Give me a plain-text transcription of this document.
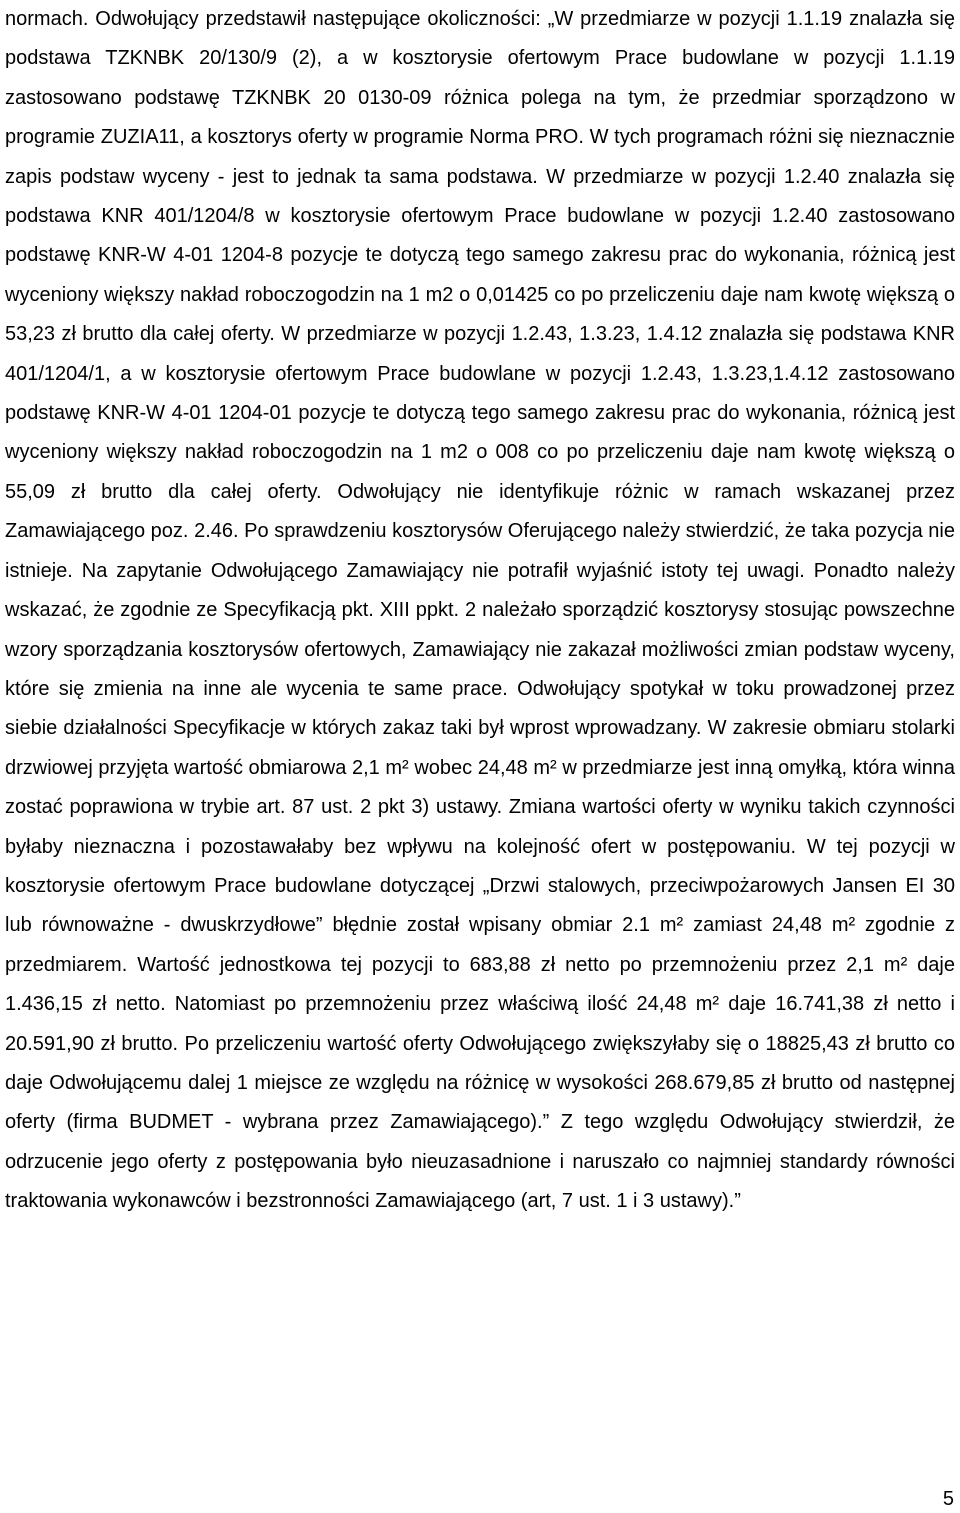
normach. Odwołujący przedstawił następujące okoliczności: „W przedmiarze w pozycji 1.1.19 znalazła się podstawa TZKNBK 20/130/9 (2), a w kosztorysie ofertowym Prace budowlane w pozycji 1.1.19 zastosowano podstawę TZKNBK 20 0130-09 różnica polega na tym, że przedmiar sporządzono w programie ZUZIA11, a kosztorys oferty w programie Norma PRO. W tych programach różni się nieznacznie zapis podstaw wyceny - jest to jednak ta sama podstawa. W przedmiarze w pozycji 1.2.40 znalazła się podstawa KNR 401/1204/8 w kosztorysie ofertowym Prace budowlane w pozycji 1.2.40 zastosowano podstawę KNR-W 4-01 1204-8 pozycje te dotyczą tego samego zakresu prac do wykonania, różnicą jest wyceniony większy nakład roboczogodzin na 1 m2 o 0,01425 co po przeliczeniu daje nam kwotę większą o 53,23 zł brutto dla całej oferty. W przedmiarze w pozycji 1.2.43, 1.3.23, 1.4.12 znalazła się podstawa KNR 401/1204/1, a w kosztorysie ofertowym Prace budowlane w pozycji 1.2.43, 1.3.23,1.4.12 zastosowano podstawę KNR-W 4-01 1204-01 pozycje te dotyczą tego samego zakresu prac do wykonania, różnicą jest wyceniony większy nakład roboczogodzin na 1 m2 o 008 co po przeliczeniu daje nam kwotę większą o 55,09 zł brutto dla całej oferty. Odwołujący nie identyfikuje różnic w ramach wskazanej przez Zamawiającego poz. 2.46. Po sprawdzeniu kosztorysów Oferującego należy stwierdzić, że taka pozycja nie istnieje. Na zapytanie Odwołującego Zamawiający nie potrafił wyjaśnić istoty tej uwagi. Ponadto należy wskazać, że zgodnie ze Specyfikacją pkt. XIII ppkt. 2 należało sporządzić kosztorysy stosując powszechne wzory sporządzania kosztorysów ofertowych, Zamawiający nie zakazał możliwości zmian podstaw wyceny, które się zmienia na inne ale wycenia te same prace. Odwołujący spotykał w toku prowadzonej przez siebie działalności Specyfikacje w których zakaz taki był wprost wprowadzany. W zakresie obmiaru stolarki drzwiowej przyjęta wartość obmiarowa 2,1 m² wobec 24,48 m² w przedmiarze jest inną omyłką, która winna zostać poprawiona w trybie art. 87 ust. 2 pkt 3) ustawy. Zmiana wartości oferty w wyniku takich czynności byłaby nieznaczna i pozostawałaby bez wpływu na kolejność ofert w postępowaniu. W tej pozycji w kosztorysie ofertowym Prace budowlane dotyczącej „Drzwi stalowych, przeciwpożarowych Jansen EI 30 lub równoważne - dwuskrzydłowe” błędnie został wpisany obmiar 2.1 m² zamiast 24,48 m² zgodnie z przedmiarem. Wartość jednostkowa tej pozycji to 683,88 zł netto po przemnożeniu przez 2,1 m² daje 1.436,15 zł netto. Natomiast po przemnożeniu przez właściwą ilość 24,48 m² daje 16.741,38 zł netto i 20.591,90 zł brutto. Po przeliczeniu wartość oferty Odwołującego zwiększyłaby się o 18825,43 zł brutto co daje Odwołującemu dalej 1 miejsce ze względu na różnicę w wysokości 268.679,85 zł brutto od następnej oferty (firma BUDMET - wybrana przez Zamawiającego).” Z tego względu Odwołujący stwierdził, że odrzucenie jego oferty z postępowania było nieuzasadnione i naruszało co najmniej standardy równości traktowania wykonawców i bezstronności Zamawiającego (art, 7 ust. 1 i 3 ustawy).”

5
